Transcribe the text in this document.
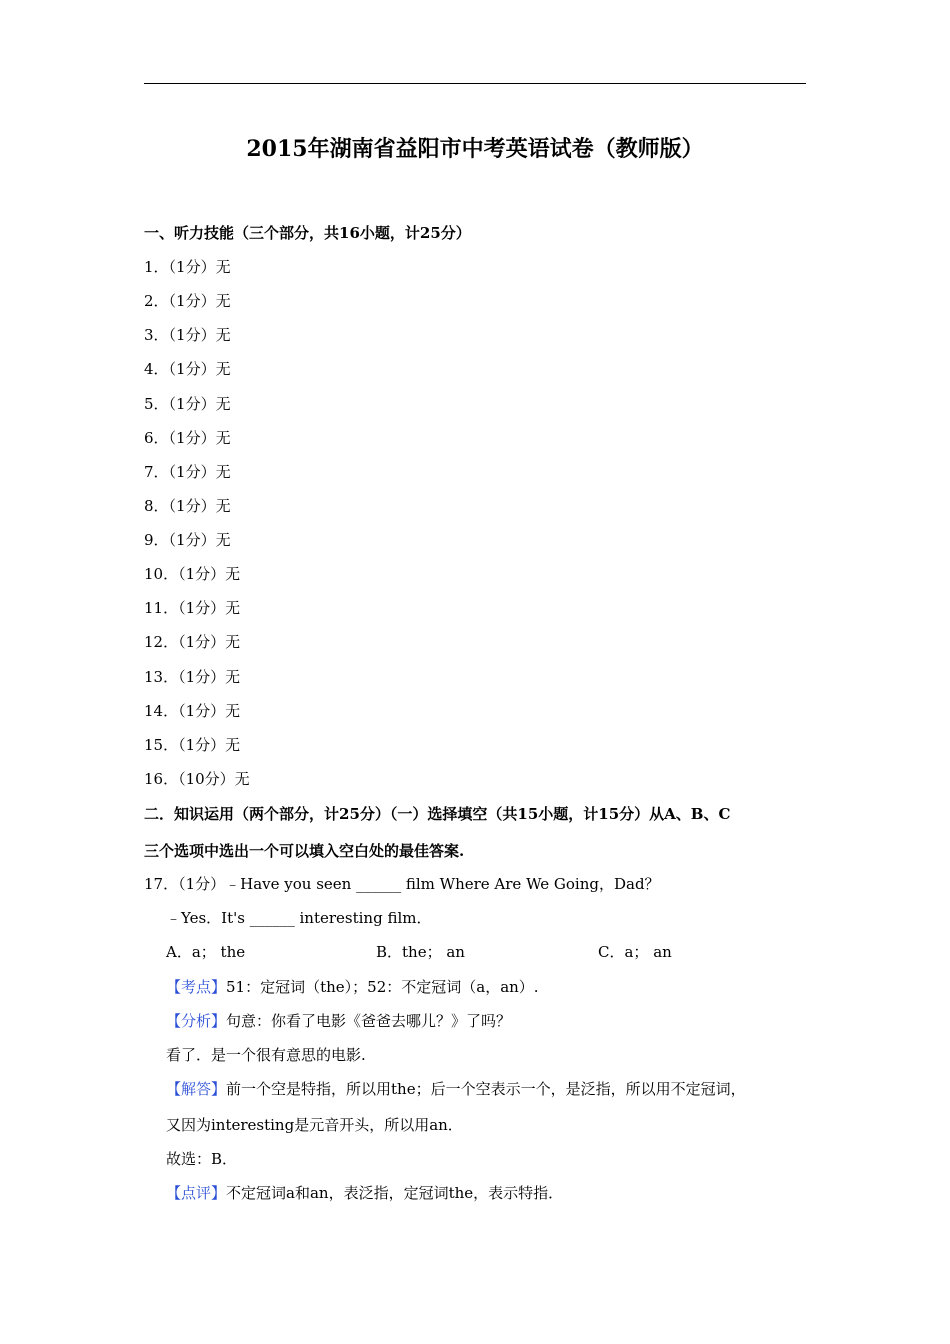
2015年湖南省益阳市中考英语试卷（教师版）
一、听力技能（三个部分，共16小题，计25分）
1．（1分）无
2．（1分）无
3．（1分）无
4．（1分）无
5．（1分）无
6．（1分）无
7．（1分）无
8．（1分）无
9．（1分）无
10．（1分）无
11．（1分）无
12．（1分）无
13．（1分）无
14．（1分）无
15．（1分）无
16．（10分）无
二．知识运用（两个部分，计25分）（一）选择填空（共15小题，计15分）从A、B、C
三个选项中选出一个可以填入空白处的最佳答案.
17．（1分）﹣Have you seen ______ film Where Are We Going，Dad？
﹣Yes．It's ______ interesting film．
A．a； the	B．the； an	C．a； an
【考点】51：定冠词（the）；52：不定冠词（a，an）.
【分析】句意：你看了电影《爸爸去哪儿？》了吗？
看了．是一个很有意思的电影.
【解答】前一个空是特指，所以用the；后一个空表示一个，是泛指，所以用不定冠词，
又因为interesting是元音开头，所以用an．
故选：B．
【点评】不定冠词a和an，表泛指，定冠词the，表示特指．
